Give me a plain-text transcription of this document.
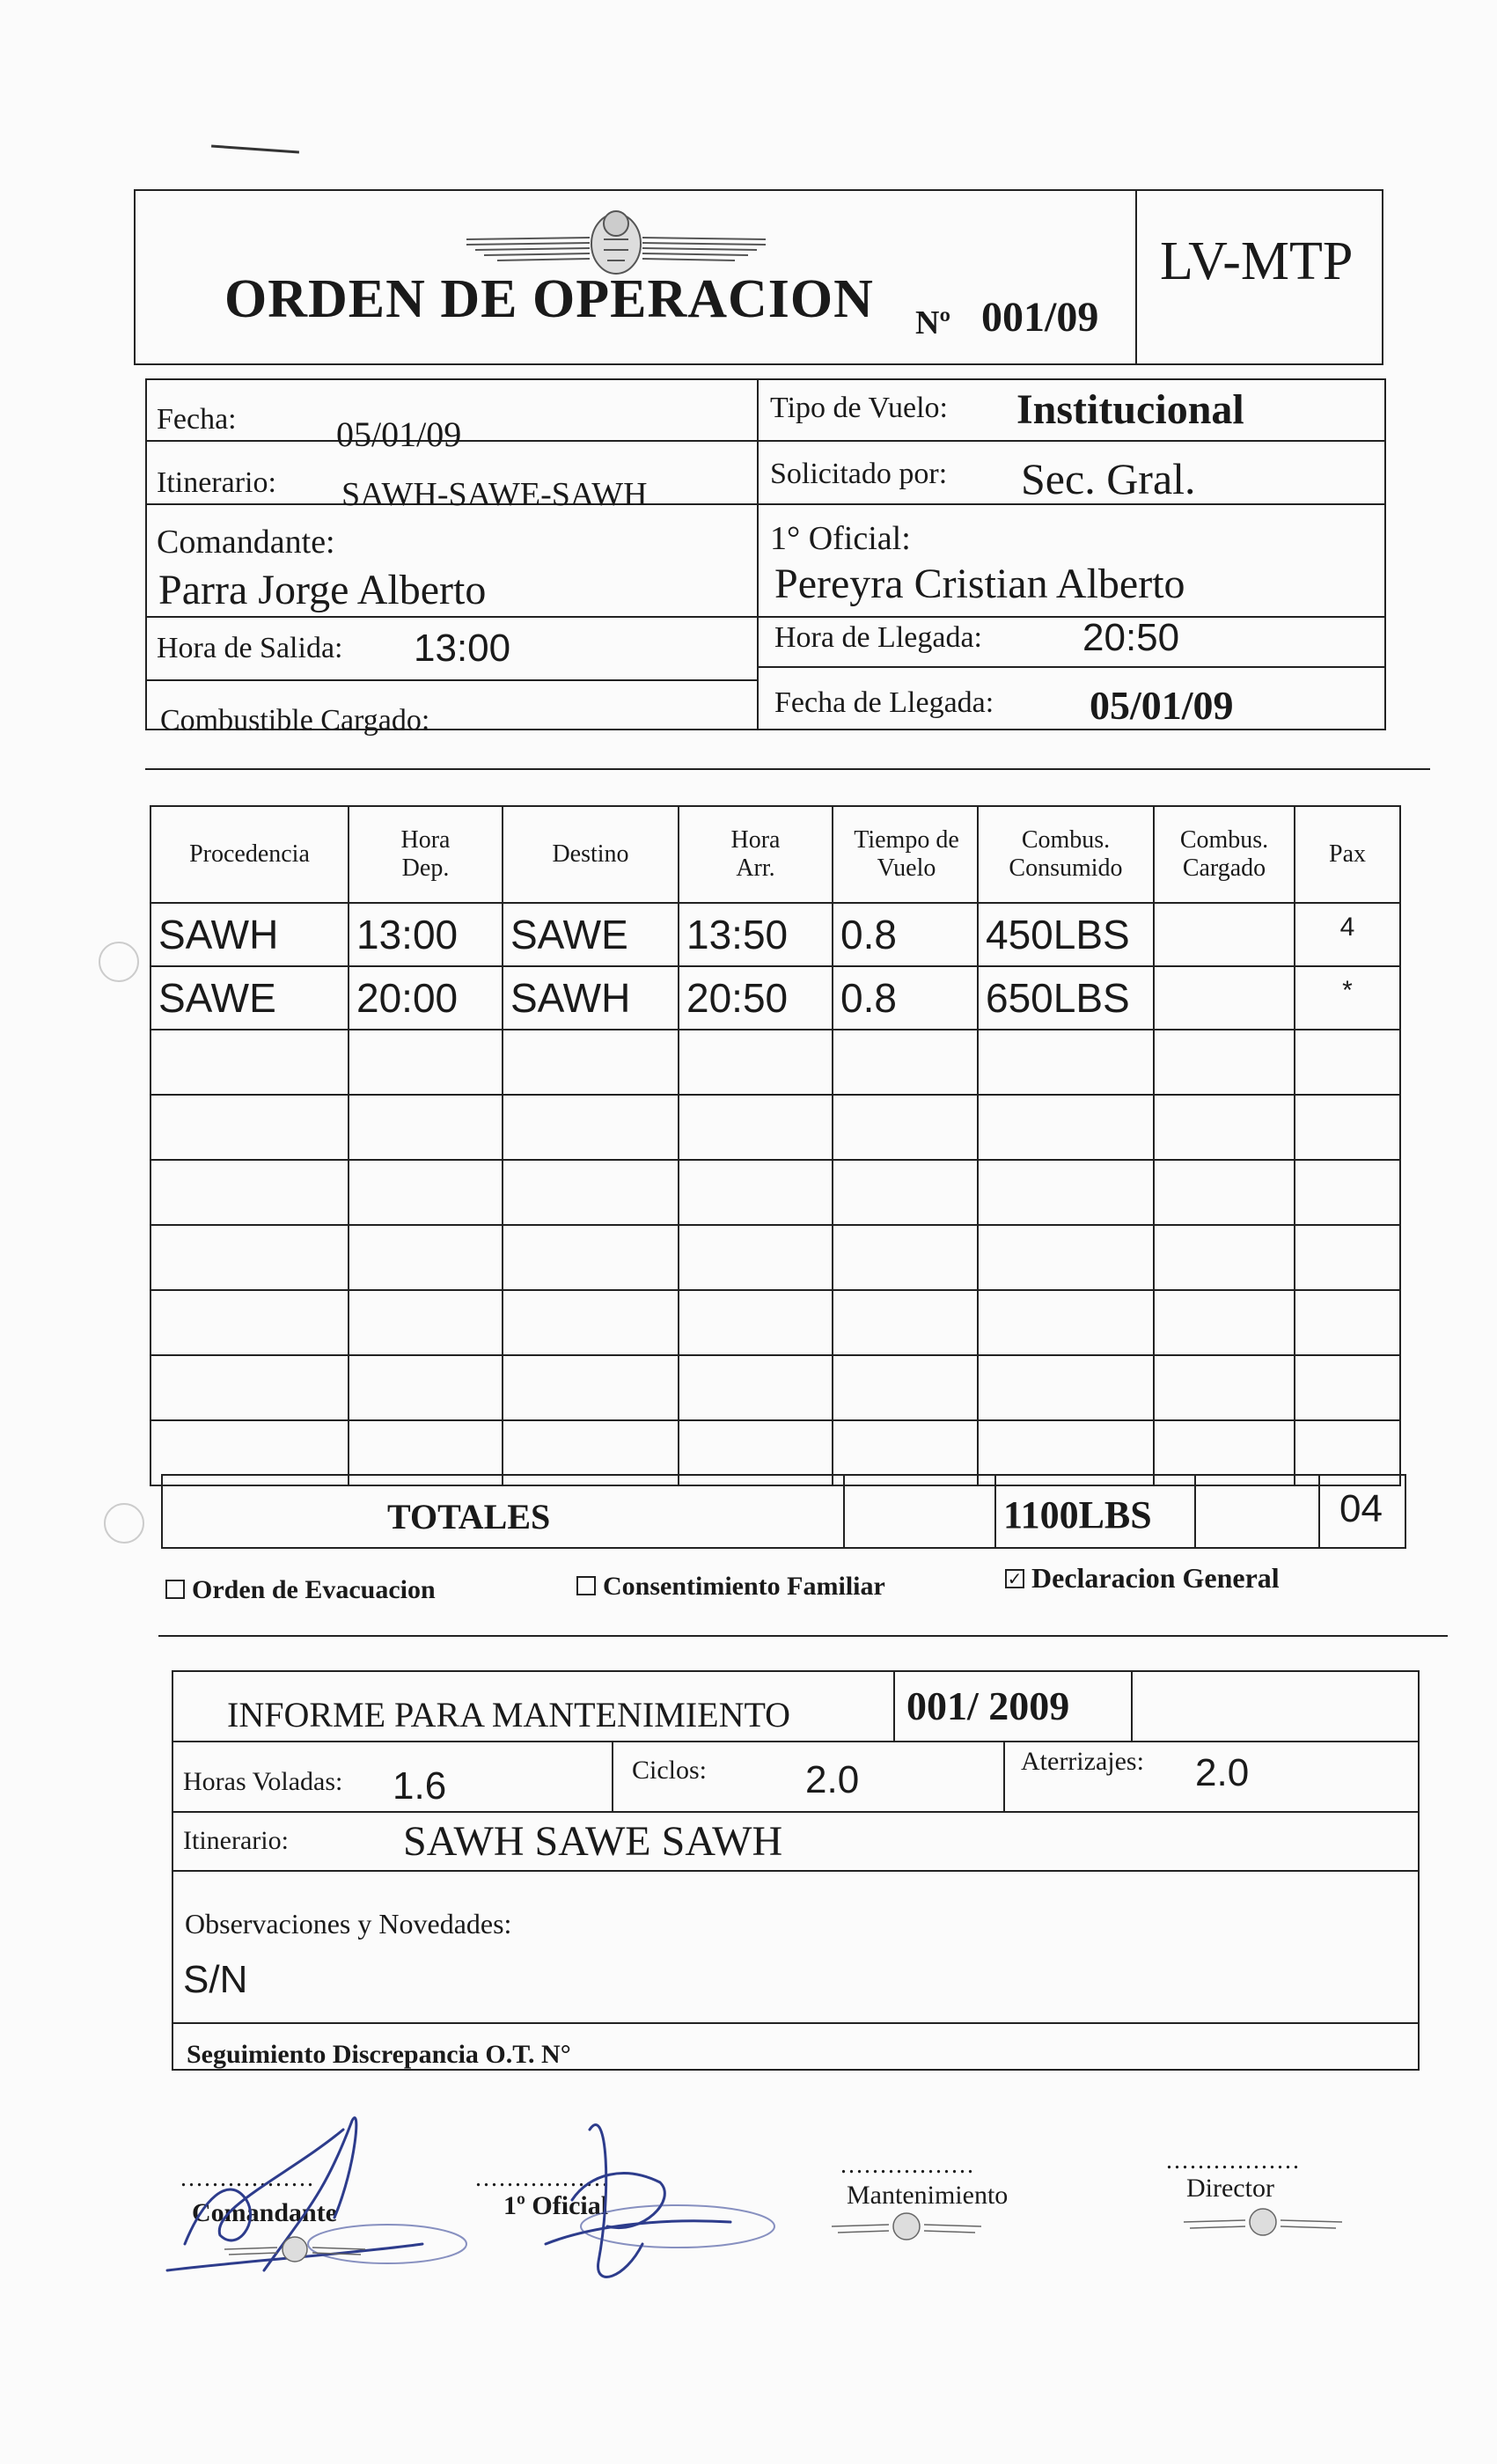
ORDEN DE OPERACION Nº 001/09
LV-MTP
Fecha:	05/01/09
Tipo de Vuelo: Institucional
Itinerario: SAWH-SAWE-SAWH
Solicitado por: Sec. Gral.
Comandante:
Parra Jorge Alberto
1° Oficial:
Pereyra Cristian Alberto
Hora de Salida: 13:00	Hora de Llegada:	20:50
Combustible Cargado:
Fecha de Llegada: 05/01/09
Procedencia	Hora Dep.	Destino	Hora Arr.	Tiempo de Vuelo	Combus. Consumido	Combus. Cargado	Pax
SAWH	13:00	SAWE	13:50	0.8	450LBS		4
SAWE	20:00	SAWH	20:50	0.8	650LBS		*

TOTALES	1100LBS	04
Orden de Evacuacion	Consentimiento Familiar	✓ Declaracion General
INFORME PARA MANTENIMIENTO	001/ 2009
Horas Voladas: 1.6	Ciclos:	2.0	Aterrizajes: 2.0
Itinerario:	SAWH SAWE SAWH
Observaciones y Novedades:
S/N
Seguimiento Discrepancia O.T. N°
.................	.................	.................	.................
Comandante	1º Oficial	Mantenimiento	Director
